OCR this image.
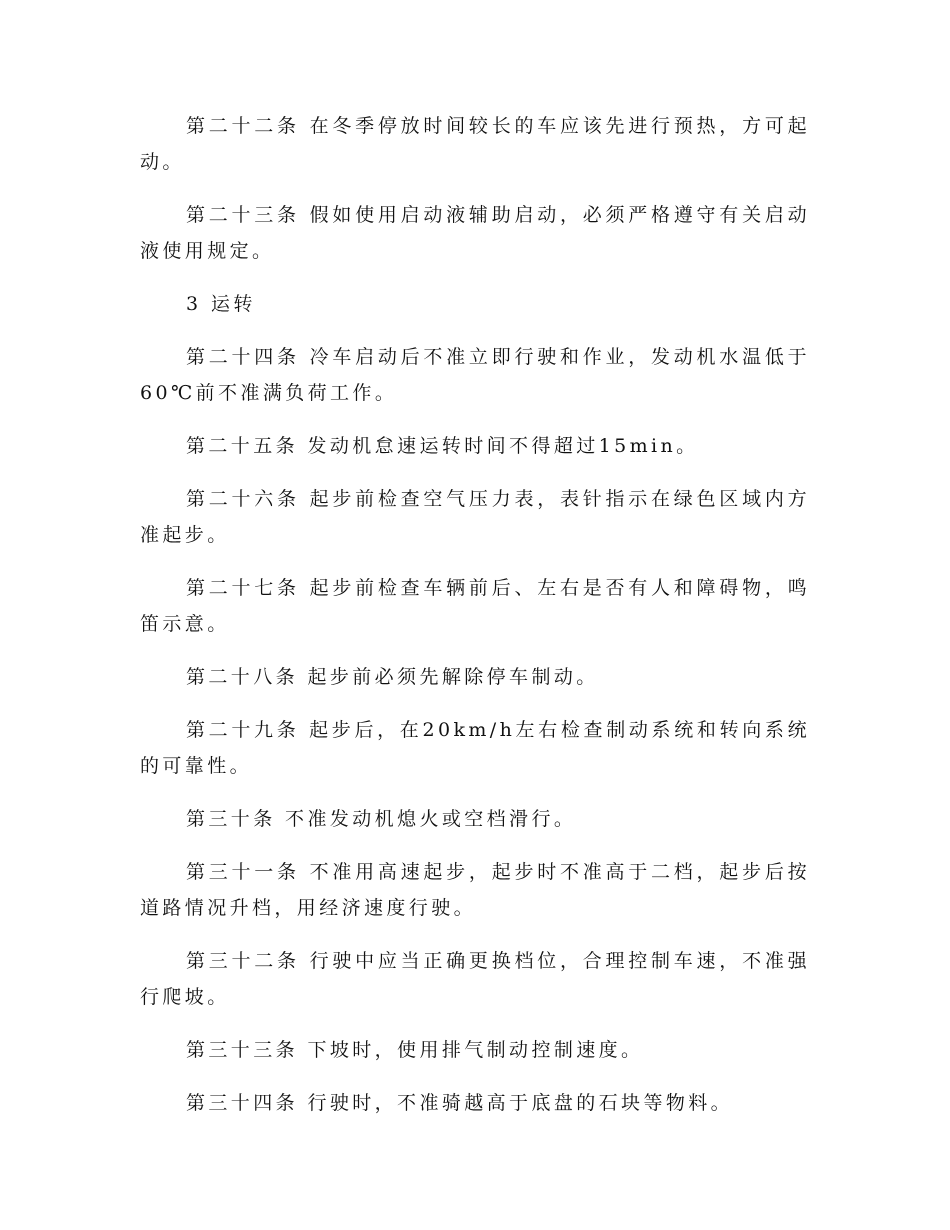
第二十二条 在冬季停放时间较长的车应该先进行预热，方可起动。

第二十三条 假如使用启动液辅助启动，必须严格遵守有关启动液使用规定。

3 运转

第二十四条 冷车启动后不准立即行驶和作业，发动机水温低于60℃前不准满负荷工作。

第二十五条 发动机怠速运转时间不得超过15min。

第二十六条 起步前检查空气压力表，表针指示在绿色区域内方准起步。

第二十七条 起步前检查车辆前后、左右是否有人和障碍物，鸣笛示意。

第二十八条 起步前必须先解除停车制动。

第二十九条 起步后，在20km/h左右检查制动系统和转向系统的可靠性。

第三十条 不准发动机熄火或空档滑行。

第三十一条 不准用高速起步，起步时不准高于二档，起步后按道路情况升档，用经济速度行驶。

第三十二条 行驶中应当正确更换档位，合理控制车速，不准强行爬坡。

第三十三条 下坡时，使用排气制动控制速度。

第三十四条 行驶时，不准骑越高于底盘的石块等物料。
